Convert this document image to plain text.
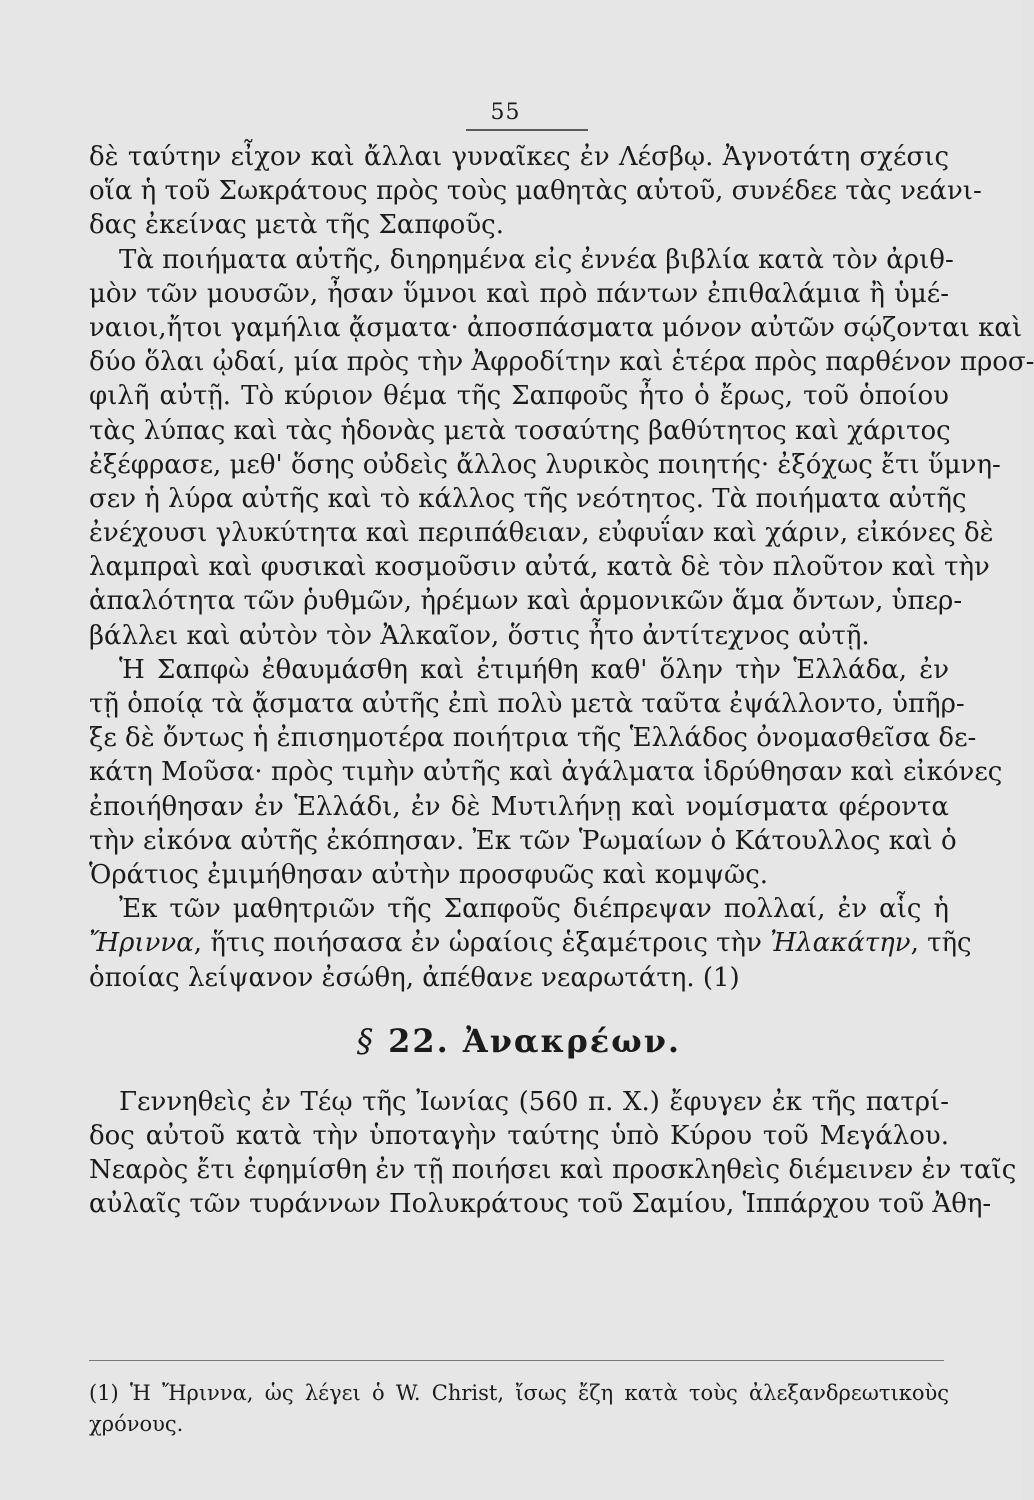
55
δὲ ταύτην εἶχον καὶ ἄλλαι γυναῖκες ἐν Λέσβῳ. Ἀγνοτάτη σχέσις
οἵα ἡ τοῦ Σωκράτους πρὸς τοὺς μαθητὰς αὑτοῦ, συνέδεε τὰς νεάνι-
δας ἐκείνας μετὰ τῆς Σαπφοῦς.
Τὰ ποιήματα αὐτῆς, διηρημένα εἰς ἐννέα βιβλία κατὰ τὸν ἀριθ-
μὸν τῶν μουσῶν, ἦσαν ὕμνοι καὶ πρὸ πάντων ἐπιθαλάμια ἢ ὑμέ-
ναιοι,ἤτοι γαμήλια ᾄσματα· ἀποσπάσματα μόνον αὐτῶν σῴζονται καὶ
δύο ὅλαι ᾠδαί, μία πρὸς τὴν Ἀφροδίτην καὶ ἑτέρα πρὸς παρθένον προσ-
φιλῆ αὐτῇ. Τὸ κύριον θέμα τῆς Σαπφοῦς ἦτο ὁ ἔρως, τοῦ ὁποίου
τὰς λύπας καὶ τὰς ἡδονὰς μετὰ τοσαύτης βαθύτητος καὶ χάριτος
ἐξέφρασε, μεθ' ὅσης οὐδεὶς ἄλλος λυρικὸς ποιητής· ἐξόχως ἔτι ὕμνη-
σεν ἡ λύρα αὐτῆς καὶ τὸ κάλλος τῆς νεότητος. Τὰ ποιήματα αὐτῆς
ἐνέχουσι γλυκύτητα καὶ περιπάθειαν, εὐφυΐαν καὶ χάριν, εἰκόνες δὲ
λαμπραὶ καὶ φυσικαὶ κοσμοῦσιν αὐτά, κατὰ δὲ τὸν πλοῦτον καὶ τὴν
ἁπαλότητα τῶν ῥυθμῶν, ἠρέμων καὶ ἁρμονικῶν ἅμα ὄντων, ὑπερ-
βάλλει καὶ αὐτὸν τὸν Ἀλκαῖον, ὅστις ἦτο ἀντίτεχνος αὐτῇ.
Ἡ Σαπφὼ ἐθαυμάσθη καὶ ἐτιμήθη καθ' ὅλην τὴν Ἑλλάδα, ἐν
τῇ ὁποίᾳ τὰ ᾄσματα αὐτῆς ἐπὶ πολὺ μετὰ ταῦτα ἐψάλλοντο, ὑπῆρ-
ξε δὲ ὄντως ἡ ἐπισημοτέρα ποιήτρια τῆς Ἑλλάδος ὀνομασθεῖσα δε-
κάτη Μοῦσα· πρὸς τιμὴν αὐτῆς καὶ ἀγάλματα ἱδρύθησαν καὶ εἰκόνες
ἐποιήθησαν ἐν Ἑλλάδι, ἐν δὲ Μυτιλήνῃ καὶ νομίσματα φέροντα
τὴν εἰκόνα αὐτῆς ἐκόπησαν. Ἐκ τῶν Ῥωμαίων ὁ Κάτουλλος καὶ ὁ
Ὁράτιος ἐμιμήθησαν αὐτὴν προσφυῶς καὶ κομψῶς.
Ἐκ τῶν μαθητριῶν τῆς Σαπφοῦς διέπρεψαν πολλαί, ἐν αἷς ἡ
Ἤριννα, ἥτις ποιήσασα ἐν ὡραίοις ἑξαμέτροις τὴν Ἠλακάτην, τῆς
ὁποίας λείψανον ἐσώθη, ἀπέθανε νεαρωτάτη. (1)
§ 22. Ἀνακρέων.
Γεννηθεὶς ἐν Τέῳ τῆς Ἰωνίας (560 π. Χ.) ἔφυγεν ἐκ τῆς πατρί-
δος αὐτοῦ κατὰ τὴν ὑποταγὴν ταύτης ὑπὸ Κύρου τοῦ Μεγάλου.
Νεαρὸς ἔτι ἐφημίσθη ἐν τῇ ποιήσει καὶ προσκληθεὶς διέμεινεν ἐν ταῖς
αὐλαῖς τῶν τυράννων Πολυκράτους τοῦ Σαμίου, Ἱππάρχου τοῦ Ἀθη-
(1) Ἡ Ἤριννα, ὡς λέγει ὁ W. Christ, ἴσως ἔζη κατὰ τοὺς ἀλεξανδρεωτικοὺς
χρόνους.
